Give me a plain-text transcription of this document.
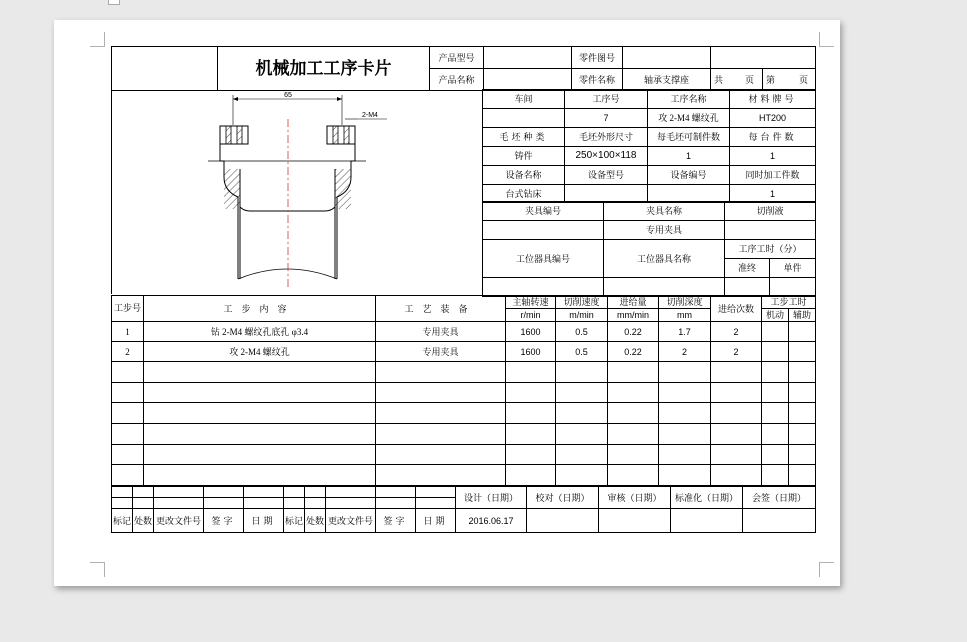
	机械加工工序卡片	产品型号		零件图号			
		产品名称		零件名称	轴承支撑座	共 页	第 页
65
2-M4
车间	工序号	工序名称	材料牌号
	7	攻 2-M4 螺纹孔	HT200
毛坯种类	毛坯外形尺寸	每毛坯可制件数	每台件数
铸件	250×100×118	1	1
设备名称	设备型号	设备编号	同时加工件数
台式钻床			1
夹具编号	夹具名称	切削液	
	专用夹具		
工位器具编号	工位器具名称	工序工时（分）	
		准终	单件

工步号	工步内容	工艺装备	主轴转速	切削速度	进给量	切削深度	进给次数	工步工时	
			r/min	m/min	mm/min	mm		机动	辅助
1	钻 2-M4 螺纹孔底孔 φ3.4	专用夹具	1600	0.5	0.22	1.7	2		
2	攻 2-M4 螺纹孔	专用夹具	1600	0.5	0.22	2	2		

										设计（日期）	校对（日期）	审核（日期）	标准化（日期）	会签（日期）

标记	处数	更改文件号	签字	日期	标记	处数	更改文件号	签字	日期	2016.06.17				
